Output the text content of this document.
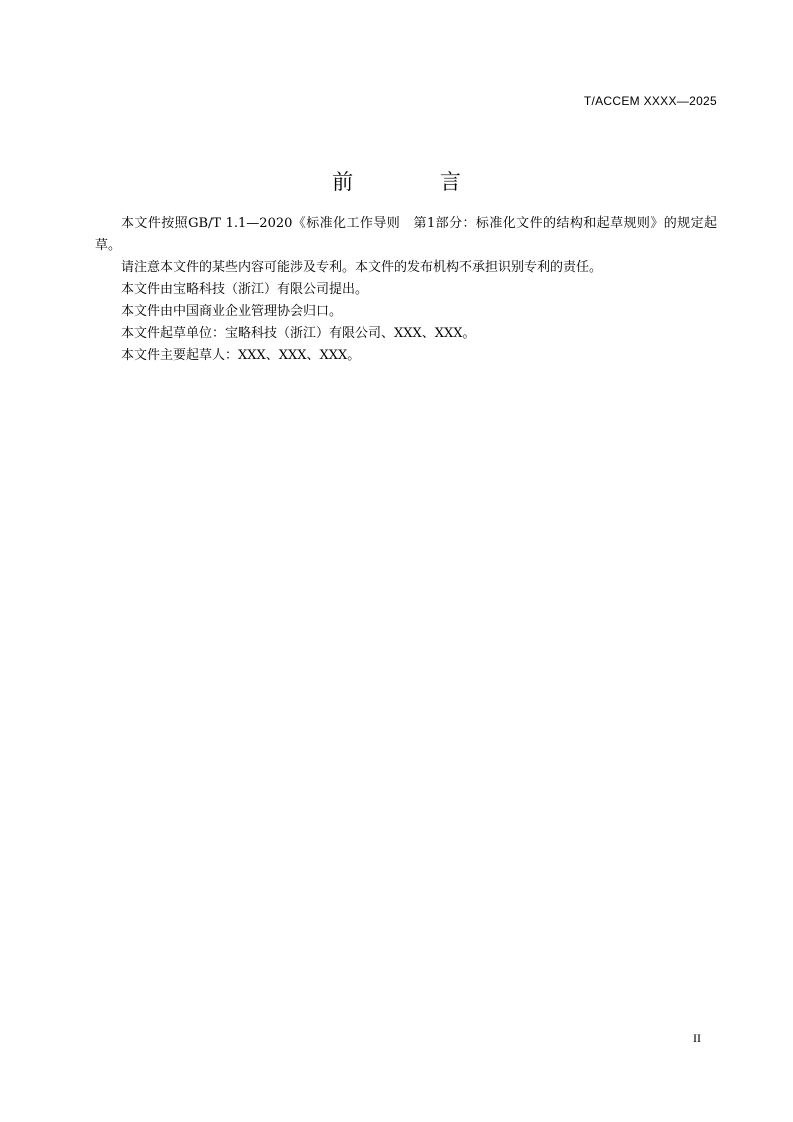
T/ACCEM XXXX—2025
前 言

本文件按照GB/T 1.1—2020《标准化工作导则　第1部分：标准化文件的结构和起草规则》的规定起草。

请注意本文件的某些内容可能涉及专利。本文件的发布机构不承担识别专利的责任。

本文件由宝略科技（浙江）有限公司提出。

本文件由中国商业企业管理协会归口。

本文件起草单位：宝略科技（浙江）有限公司、XXX、XXX。

本文件主要起草人：XXX、XXX、XXX。

II
